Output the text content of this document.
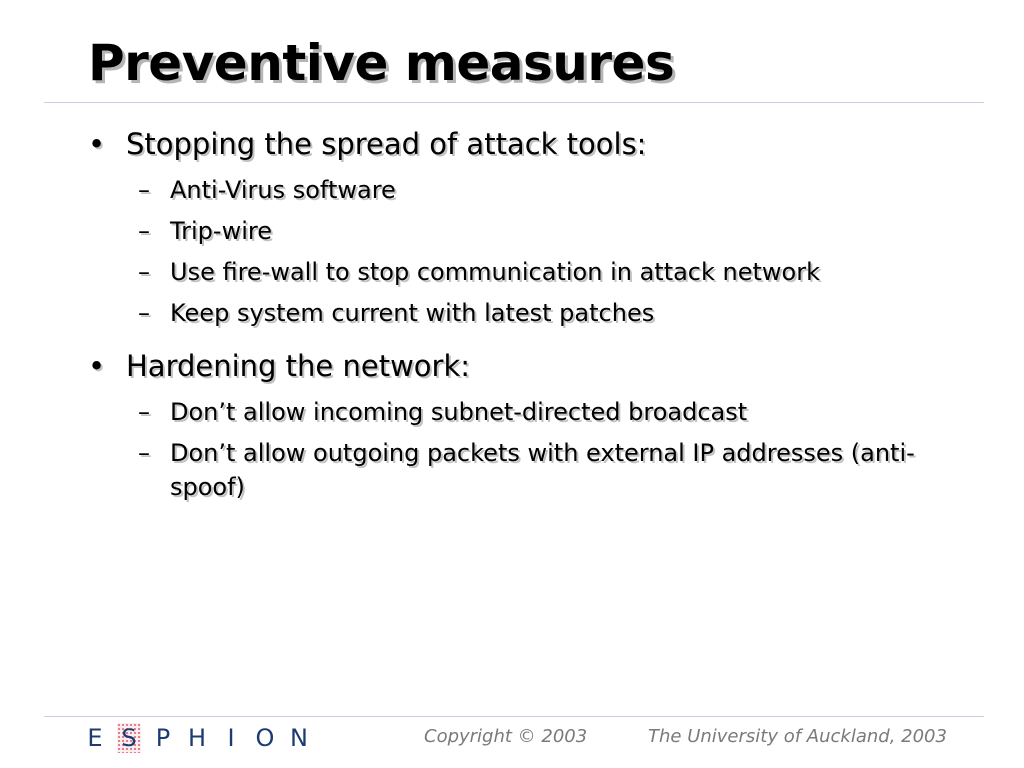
Preventive measures
• Stopping the spread of attack tools:
– Anti-Virus software
– Trip-wire
– Use fire-wall to stop communication in attack network
– Keep system current with latest patches
• Hardening the network:
– Don’t allow incoming subnet-directed broadcast
– Don’t allow outgoing packets with external IP addresses (anti-spoof)
E S P H I O N	Copyright © 2003	The University of Auckland, 2003
